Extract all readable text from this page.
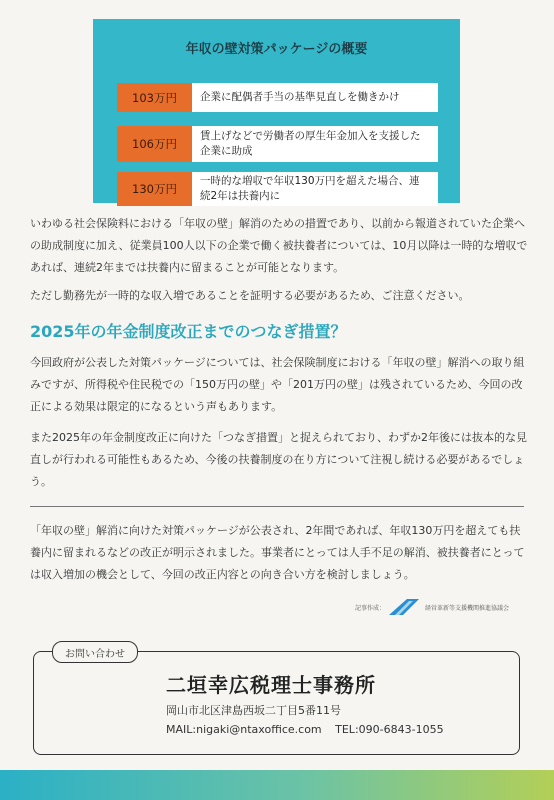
年収の壁対策パッケージの概要
103万円	企業に配偶者手当の基準見直しを働きかけ
106万円
賃上げなどで労働者の厚生年金加入を支援した企業に助成
130万円
一時的な増収で年収130万円を超えた場合、連続2年は扶養内に

いわゆる社会保険料における「年収の壁」解消のための措置であり、以前から報道されていた企業への助成制度に加え、従業員100人以下の企業で働く被扶養者については、10月以降は一時的な増収であれば、連続2年までは扶養内に留まることが可能となります。

ただし勤務先が一時的な収入増であることを証明する必要があるため、ご注意ください。

2025年の年金制度改正までのつなぎ措置？

今回政府が公表した対策パッケージについては、社会保険制度における「年収の壁」解消への取り組みですが、所得税や住民税での「150万円の壁」や「201万円の壁」は残されているため、今回の改正による効果は限定的になるという声もあります。

また2025年の年金制度改正に向けた「つなぎ措置」と捉えられており、わずか2年後には抜本的な見直しが行われる可能性もあるため、今後の扶養制度の在り方について注視し続ける必要があるでしょう。

「年収の壁」解消に向けた対策パッケージが公表され、2年間であれば、年収130万円を超えても扶養内に留まれるなどの改正が明示されました。事業者にとっては人手不足の解消、被扶養者にとっては収入増加の機会として、今回の改正内容との向き合い方を検討しましょう。

記事作成：	経営革新等支援機関推進協議会
お問い合わせ
二垣幸広税理士事務所
岡山市北区津島西坂二丁目5番11号
MAIL:nigaki@ntaxoffice.com TEL:090-6843-1055
